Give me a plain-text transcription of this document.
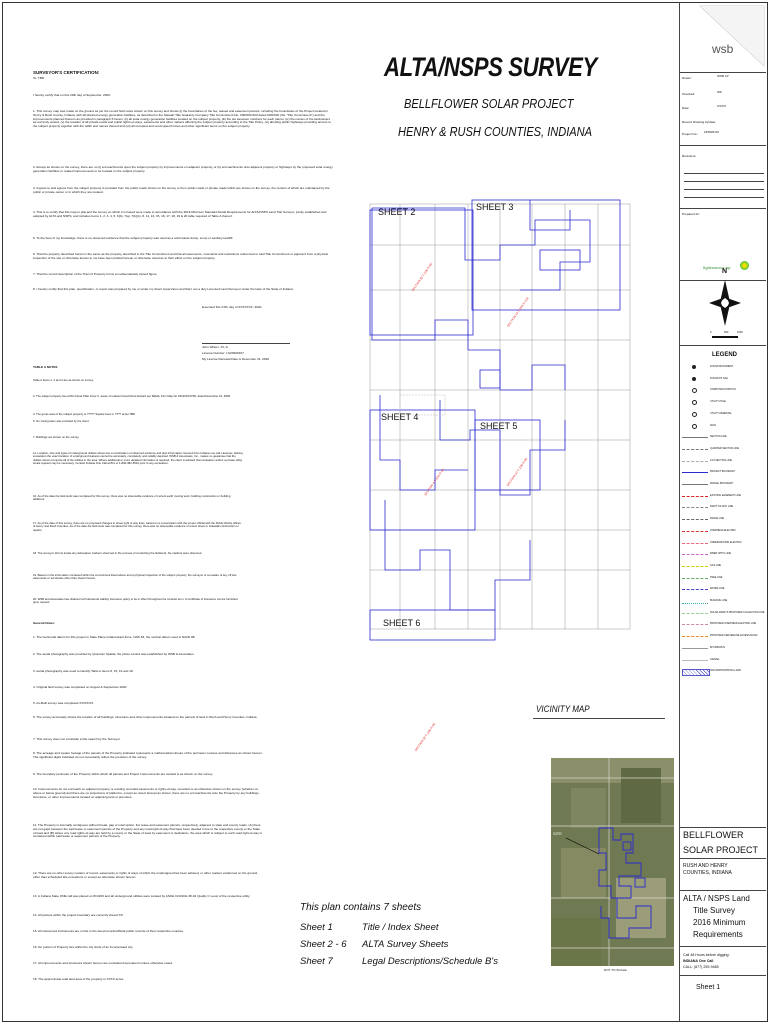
SURVEYOR'S CERTIFICATION:
To: TBD
I hereby certify that on this 29th day of September, 2020:
1. This survey map was made on the ground as per the record field notes shown on this survey and shows (i) the boundaries of the fee, leased and easement parcels, including the boundaries of the Project located in Henry & Rush County, Indiana, with all planned energy generation facilities, as described in the Stewart Title Guaranty Company Title Commitment No. 20000SI-523 dated 09/03/20 (the "Title Commitment") and the improvements planned thereon as provided in paragraph 6 herein, (ii) all solar energy generation facilities located on the subject property, (iii) the tax assessor numbers for each parcel, (iv) the names of the landowners as currently vested, (v) the location of all private roads and public rights-of-ways, easements and other matters affecting the subject property according to the Title Policy, (vi) abutting public highways providing access to the subject property together with the width and names thereof and (vii) all occupied and unoccupied homes and other significant items on the subject property.
2. Except as shown on the survey, there are no (i) encroachments upon the subject property by improvements on adjacent property, or (ii) encroachments onto adjacent property or highways by the proposed solar energy generation facilities or related improvements to be located on the subject property.
3. Ingress to and egress from the subject property is provided from the public roads shown on the survey or from public roads or private roads which are shown on the survey, the centers of which are maintained by the public or private owner or in which they are located.
4. This is to certify that this map or plat and the survey on which it is based were made in accordance with the 2016 Minimum Standard Detail Requirements for ALTA/NSPS Land Title Surveys, jointly established and adopted by ALTA and NSPS, and includes Items 1, 2, 3, 4, 5, 6(b), 7(a), 7(b)(1), 8, 11, 13, 15, 16, 17, 18, 19 & 20 table required of Table A thereof.
5. To the best of my knowledge, there is no observed evidence that the subject property was used as a solid waste dump, sump or sanitary landfill.
6. That the property described herein is the same as the property described in the Title Commitment and that all easements, covenants and restrictions referenced in said Title Commitment or apparent from a physical inspection of the site or otherwise known to me have been plotted hereon or otherwise noted as to their effect on the subject property.
7. That the record description of the Tract of Property forms a mathematically closed figure.
8. I hereby certify that this plan, specification, or report was prepared by me or under my direct supervision and that I am a duly Licensed Land Surveyor under the laws of the State of Indiana.
Executed this XXth day of XXXXXXX, 2020.
John Wilson, P.L.S.
License Number: LS20900107
My License Renewal Date is December 31, 2020
TABLE A NOTES
Table A Items 1, 2 and 4 are as shown on survey.
3. The subject property lies within Flood Plain Zone X, areas of undetermined Flood Hazard per FEMA, Firm Map No 18139C0175D, dated December 16, 2008.
4. The gross area of the subject property is ????? Square Feet or ???? acres TBD
6. No zoning letter was provided by the client.
7. Buildings are shown on the survey.
11. Location, size and types of underground utilities shown are a combination of observed evidence and plan information received from Indiana one call. However, lacking excavation the exact location of underground features cannot be accurately, completely, and reliably depicted. WSB & Associates, Inc., makes no guarantee that the utilities shown comprise all of the utilities in the area. Where additional or more detailed information is required, the client is advised that excavation and/or a private utility locate request may be necessary. Contact Indiana One Call at 811 or 1-800-382-5544 prior to any excavation.
16. As of the date the field work was completed for this survey, there was no observable evidence of current earth moving work, building construction or building additions.
17. As of the date of this survey, there are no proposed changes in street right of way lines, based on a conversation with the proper official with the Public Works offices of Henry and Rush Counties. As of the date the field work was completed for this survey, there was no observable evidence of recent street or sidewalk construction or repairs.
18. The surveyor did not locate any delineation markers observed in the process of conducting the fieldwork. No markers were observed.
19. Based on the information contained within the commitment listed above and a physical inspection of the subject property, the surveyor is not aware of any off site easements or servitudes other than shown hereon.
20. WSB and Associates has obtained a Professional Liability Insurance policy to be in effect throughout the contract term. A Certificate of Insurance can be furnished upon request.
General Notes:
1. The horizontal datum for this project is State Plane Indiana East Zone, NAD 83, the vertical datum used is NAVD 88.
2. The aerial photography was provided by Quantum Spatial, the photo control was established by WSB & Associates.
3. Aerial photography was used to identify Table A Items 8, 15, 16 and 18.
4. Original field survey was completed on August & September 2020.
5. As-Built survey was completed XX/XX/XX.
6. The survey accurately shows the location of all buildings, structures and other improvements situated on the parcels of land in Rush and Henry Counties, Indiana.
7. This survey does not constitute a title search by the Surveyor.
8. The acreage and square footage of the parcels of the Property indicated represents a mathematical closure of the perimeter courses and distances as shown hereon. The significant digits indicated do not necessarily reflect the precision of the survey.
9. The boundary perimeter of the Property within which all parcels and Project Improvements are located is as shown on the survey.
10. Improvements do not encroach on adjacent property or existing recorded easements or rights-of-way, recorded or as otherwise shown on the survey (whether on, above or below ground) and there are no projections of platforms, except as noted. Except as shown, there are no encroachments onto the Property by any buildings, structures, or other improvements located on adjoining land or premises.
11. The Property is internally contiguous without break, gap or interruption. For lease and easement parcels, respectively, adjacent to state and county roads, (A) there are not gaps between the said lease or easement parcels of the Property and any road right-of-way that have been deeded in fee to the respective county or the State of Iowa and (B) where any road rights-of-way are held by a county or the State of Iowa by easement or dedication, the area which is subject to such road right-of-way is contained within said lease or easement parcels of the Property.
12. There are no other survey matters of record, easements or rights of ways of which the undersigned has been advised, or other matters evidenced on the ground, other than scheduled title exceptions or except as otherwise shown hereon.
13. A Indiana State ONE call was placed on 8/13/20 and all underground utilities were located by ASCE CI/ASCE 38-02 Quality C Level of the respective utility.
14. All parcels within the project boundary are currently Zoned XX.
15. All referenced instruments are on file in the deed records/official public records of their respective counties.
16. No portion of Property lies within the city limits of an incorporated city.
17. All improvements and structures shown hereon are considered permanent unless otherwise noted.
18. The approximate total land area of the property is XXXX acres.
ALTA/NSPS SURVEY
BELLFLOWER SOLAR PROJECT
HENRY & RUSH COUNTIES, INDIANA
SHEET 2	SHEET 3
SHEET 4
SHEET 5
SHEET 6
SECTION 33 T-16N R-9E
SECTION 10 T-15N R-10E
SECTION 4 T-15N R-9E	SECTION 10 T-15N R-9E
SECTION 33 T-16N R-9E
VICINITY MAP
SITE
NOT TO SCALE
This plan contains 7 sheets
Sheet 1	Title / Index Sheet
Sheet 2 - 6 ALTA Survey Sheets
Sheet 7	Legal Descriptions/Schedule B's
wsb
Drawn:	WSB LP
Checked:	WK
Date:	XX/XX
Record Drawing by/date:
Project No.: 015828-00
Revisions:
Prepared for:
lightsource bp
N
0	500	1000
LEGEND
FOUND MONUMENT
FOUND PK NAIL
COMPUTED POSITION
UTILITY POLE
UTILITY PEDESTAL
SIGN
SECTION LINE
QUARTER SECTION LINE
1/16 SECTION LINE
PROJECT BOUNDARY
PARCEL BOUNDARY
EXISTING EASEMENT LINE
RIGHT OF WAY LINE
FENCE LINE
OVERHEAD ELECTRIC
UNDERGROUND ELECTRIC
FIBER OPTIC LINE
GAS LINE
TREE LINE
WATER LINE
BUILDING LINE
SOLAR ARRAYS PROPOSED COLLECTION LINE
PROPOSED OVERHEAD ELECTRIC LINE
PROPOSED CENTERLINE ACCESS ROAD
BITUMINOUS
GRAVEL
NON-PARTICIPATING LAND
BELLFLOWER
SOLAR PROJECT
RUSH AND HENRY COUNTIES, INDIANA
ALTA / NSPS Land
Title Survey
2016 Minimum
Requirements
Call 48 Hours before digging:
INDIANA One Call
CALL: (877) 259-9485
Sheet 1
